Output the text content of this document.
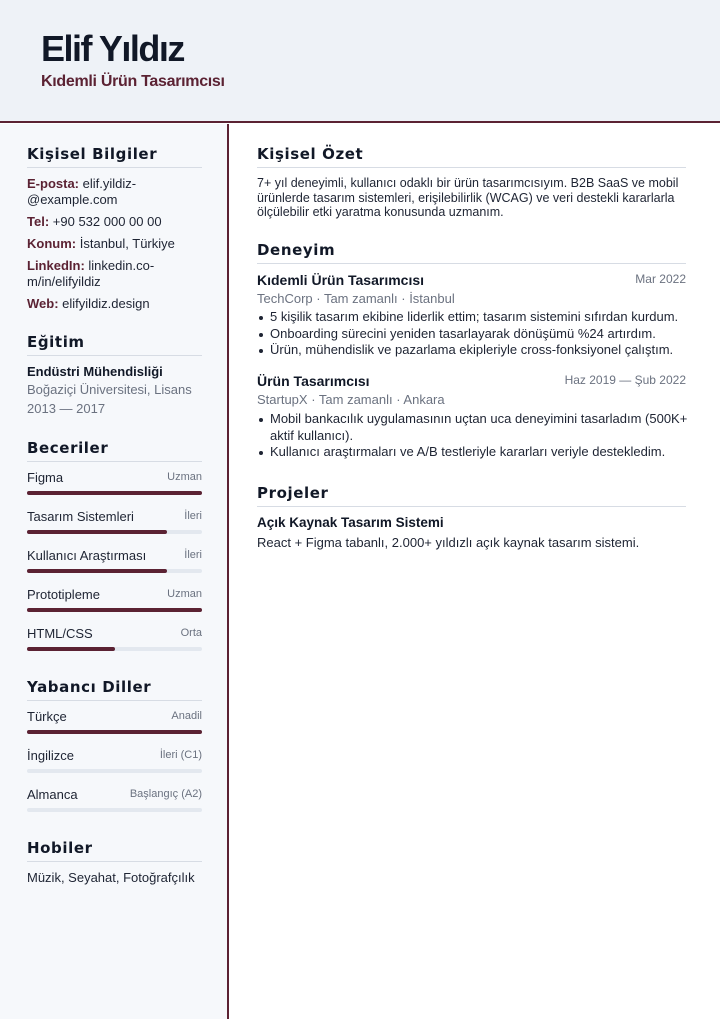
Elif Yıldız
Kıdemli Ürün Tasarımcısı
Kişisel Bilgiler
E-posta: elif.yildiz-
@example.com
Tel: +90 532 000 00 00
Konum: İstanbul, Türkiye
LinkedIn: linkedin.co-
m/in/elifyildiz
Web: elifyildiz.design
Eğitim
Endüstri Mühendisliği
Boğaziçi Üniversitesi, Lisans
2013 — 2017
Beceriler
Figma	Uzman
Tasarım Sistemleri	İleri
Kullanıcı Araştırması	İleri
Prototipleme	Uzman
HTML/CSS	Orta
Yabancı Diller
Türkçe	Anadil
İngilizce	İleri (C1)
Almanca	Başlangıç (A2)
Hobiler
Müzik, Seyahat, Fotoğrafçılık
Kişisel Özet
7+ yıl deneyimli, kullanıcı odaklı bir ürün tasarımcısıyım. B2B SaaS ve mobil ürünlerde tasarım sistemleri, erişilebilirlik (WCAG) ve veri destekli kararlarla ölçülebilir etki yaratma konusunda uzmanım.
Deneyim
Kıdemli Ürün Tasarımcısı	Mar 2022
TechCorp · Tam zamanlı · İstanbul
5 kişilik tasarım ekibine liderlik ettim; tasarım sistemini sıfırdan kurdum.
Onboarding sürecini yeniden tasarlayarak dönüşümü %24 artırdım.
Ürün, mühendislik ve pazarlama ekipleriyle cross-fonksiyonel çalıştım.
Ürün Tasarımcısı	Haz 2019 — Şub 2022
StartupX · Tam zamanlı · Ankara
Mobil bankacılık uygulamasının uçtan uca deneyimini tasarladım (500K+ aktif kullanıcı).
Kullanıcı araştırmaları ve A/B testleriyle kararları veriyle destekledim.
Projeler
Açık Kaynak Tasarım Sistemi
React + Figma tabanlı, 2.000+ yıldızlı açık kaynak tasarım sistemi.
